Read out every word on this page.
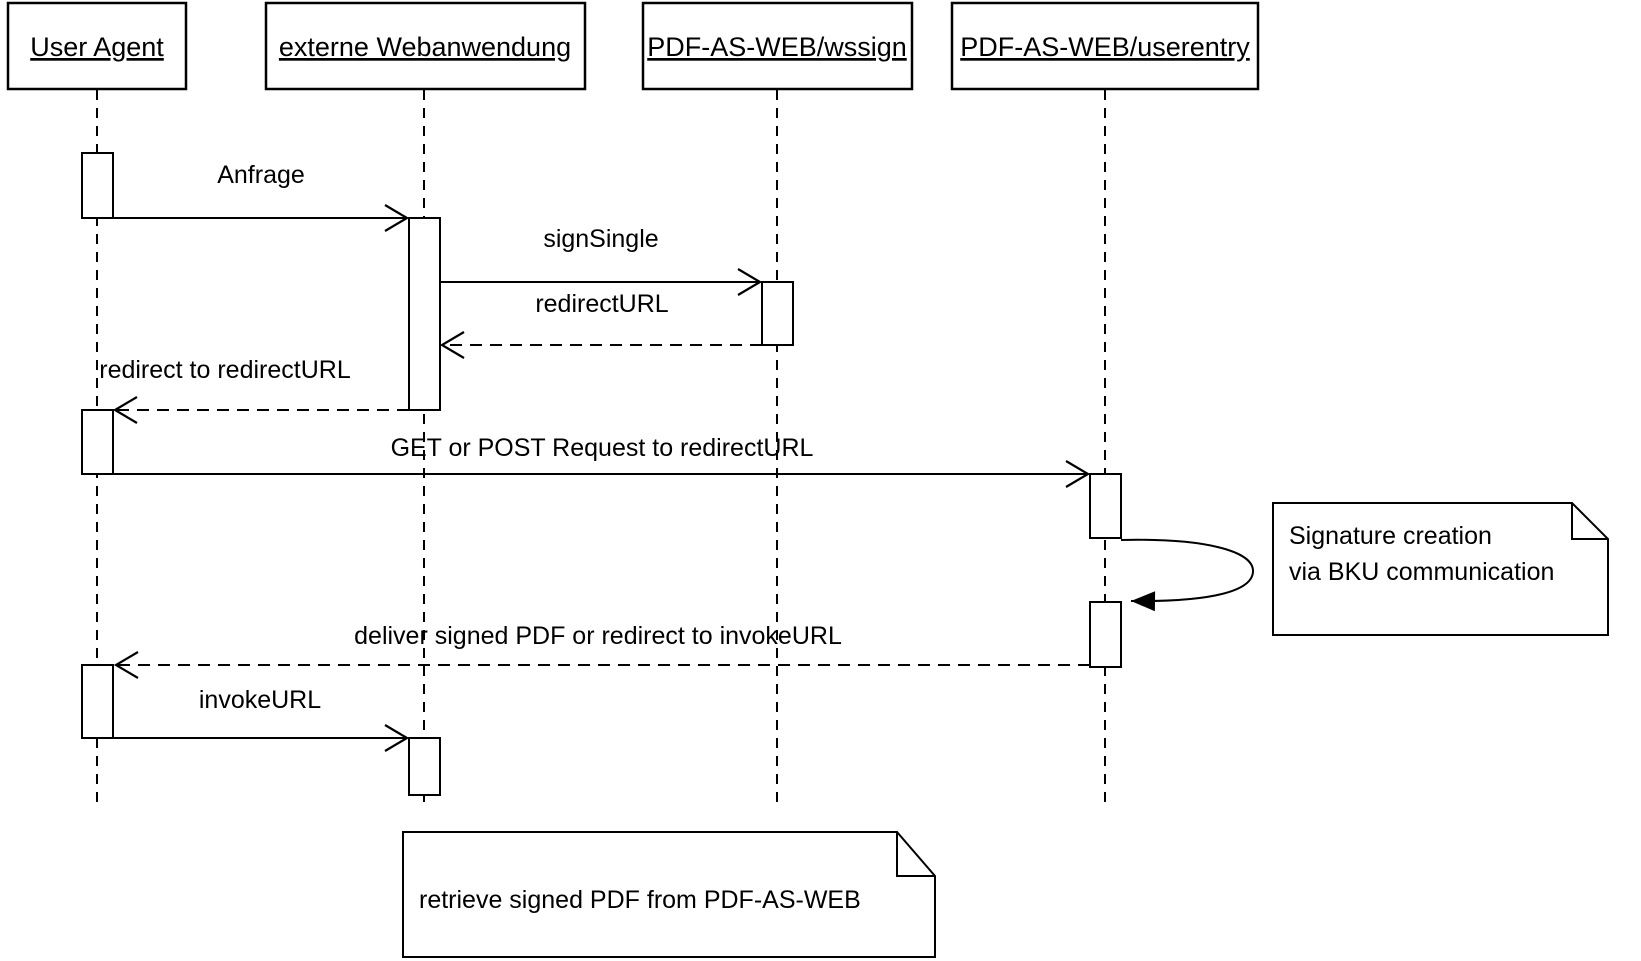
User Agent	externe Webanwendung	PDF-AS-WEB/wssign PDF-AS-WEB/userentry
Anfrage
signSingle
redirectURL
redirect to redirectURL
GET or POST Request to redirectURL
deliver signed PDF or redirect to invokeURL
invokeURL
Signature creation
via BKU communication
retrieve signed PDF from PDF-AS-WEB
